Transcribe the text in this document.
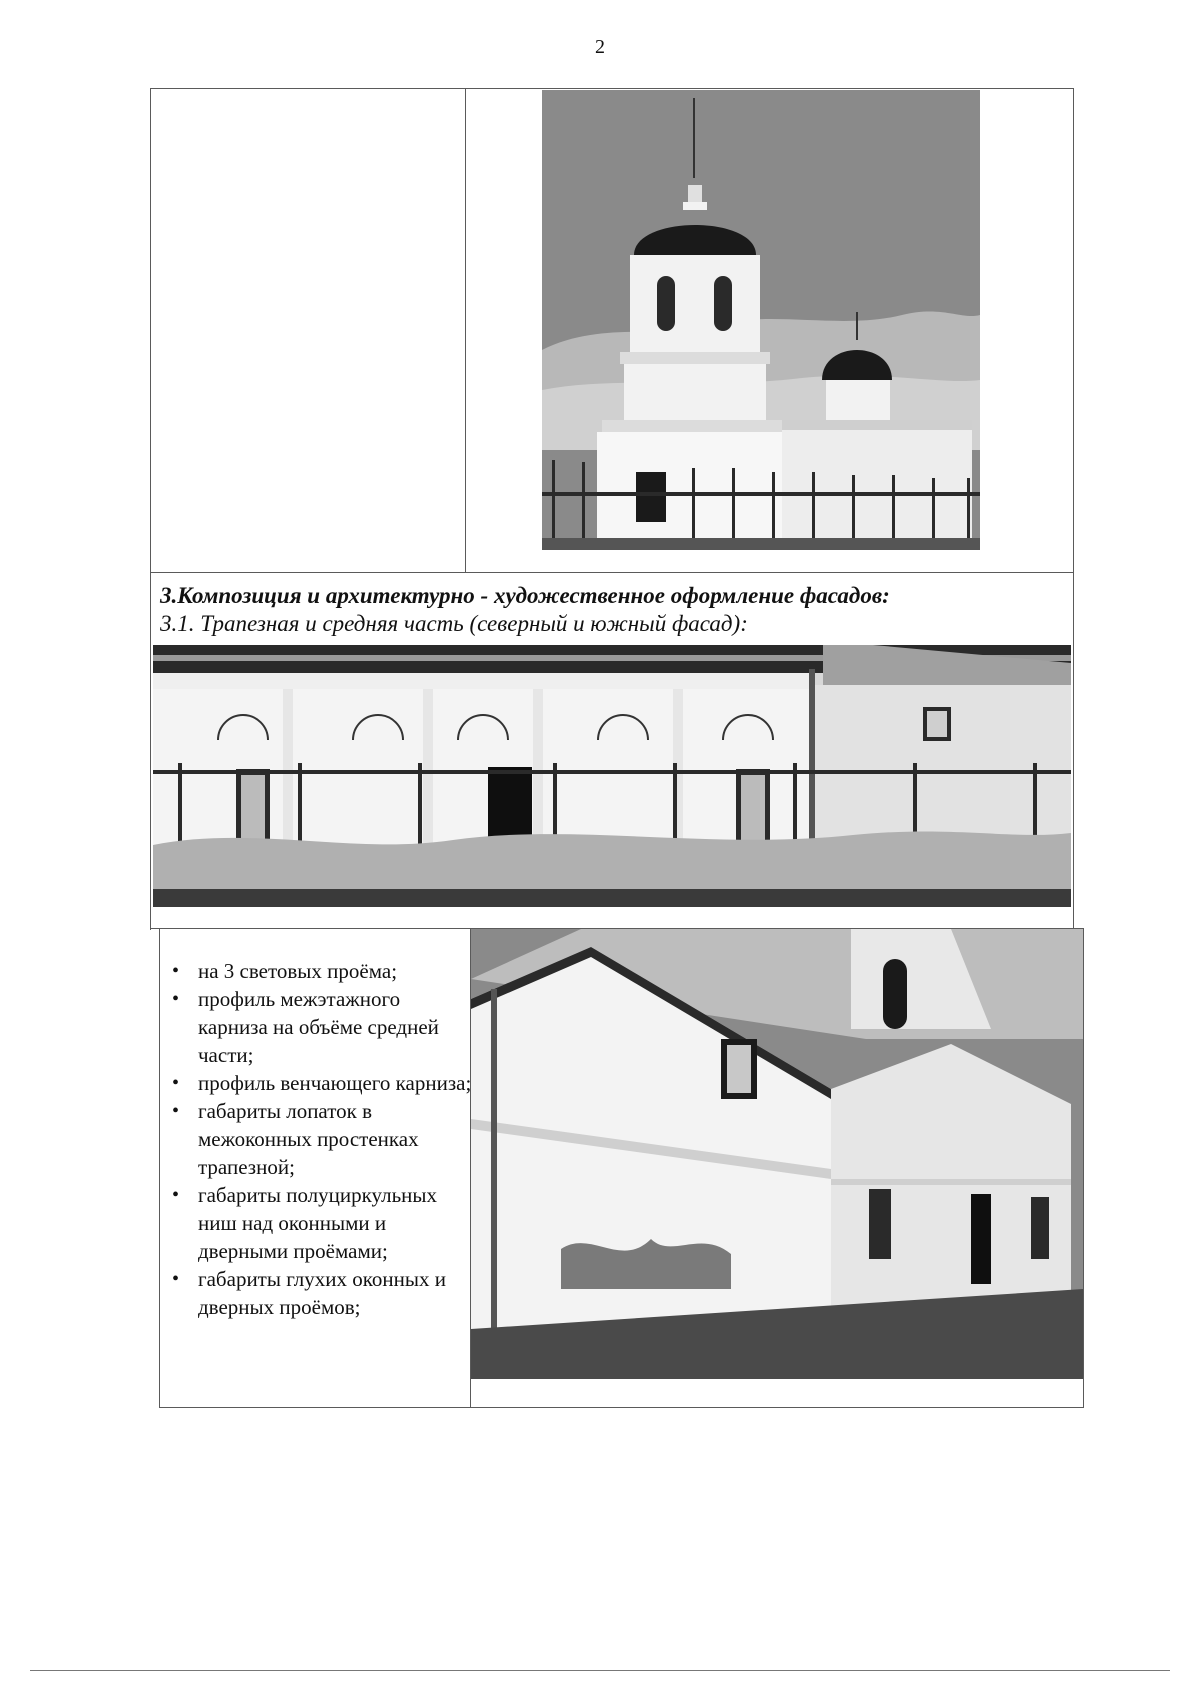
2
3.Композиция и архитектурно - художественное оформление фасадов:
3.1. Трапезная и средняя часть (северный и южный фасад):
• на 3 световых проёма;
• профиль межэтажного карниза на объёме средней части;
• профиль венчающего карниза;
• габариты лопаток в межоконных простенках трапезной;
• габариты полуциркульных ниш над оконными и дверными проёмами;
• габариты глухих оконных и дверных проёмов;
